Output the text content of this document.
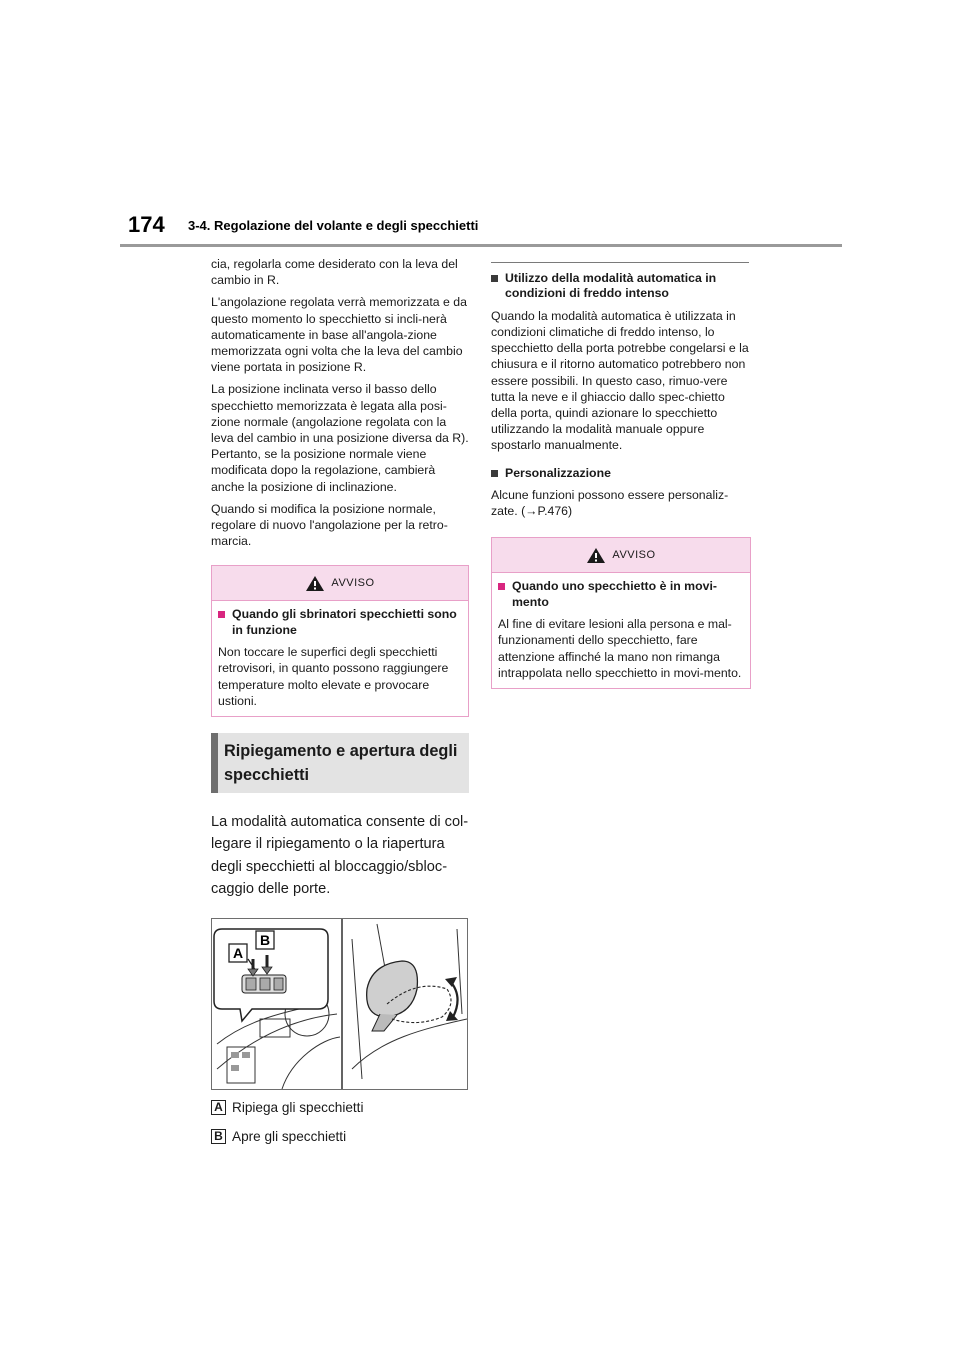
174 3-4. Regolazione del volante e degli specchietti

cia, regolarla come desiderato con la leva del cambio in R.

L'angolazione regolata verrà memorizzata e da questo momento lo specchietto si incli-nerà automaticamente in base all'angola-zione memorizzata ogni volta che la leva del cambio viene portata in posizione R.

La posizione inclinata verso il basso dello specchietto memorizzata è legata alla posi-zione normale (angolazione regolata con la leva del cambio in una posizione diversa da R). Pertanto, se la posizione normale viene modificata dopo la regolazione, cambierà anche la posizione di inclinazione.

Quando si modifica la posizione normale, regolare di nuovo l'angolazione per la retro-marcia.

AVVISO
Quando gli sbrinatori specchietti sono in funzione

Non toccare le superfici degli specchietti retrovisori, in quanto possono raggiungere temperature molto elevate e provocare ustioni.

Ripiegamento e apertura degli specchietti

La modalità automatica consente di col-legare il ripiegamento o la riapertura degli specchietti al bloccaggio/sbloc-caggio delle porte.

A
B
A Ripiega gli specchietti
B Apre gli specchietti
Utilizzo della modalità automatica in condizioni di freddo intenso

Quando la modalità automatica è utilizzata in condizioni climatiche di freddo intenso, lo specchietto della porta potrebbe congelarsi e la chiusura e il ritorno automatico potrebbero non essere possibili. In questo caso, rimuo-vere tutta la neve e il ghiaccio dallo spec-chietto della porta, quindi azionare lo specchietto utilizzando la modalità manuale oppure spostarlo manualmente.

Personalizzazione

Alcune funzioni possono essere personaliz-zate. (→P.476)

AVVISO
Quando uno specchietto è in movi-mento

Al fine di evitare lesioni alla persona e mal-funzionamenti dello specchietto, fare attenzione affinché la mano non rimanga intrappolata nello specchietto in movi-mento.
